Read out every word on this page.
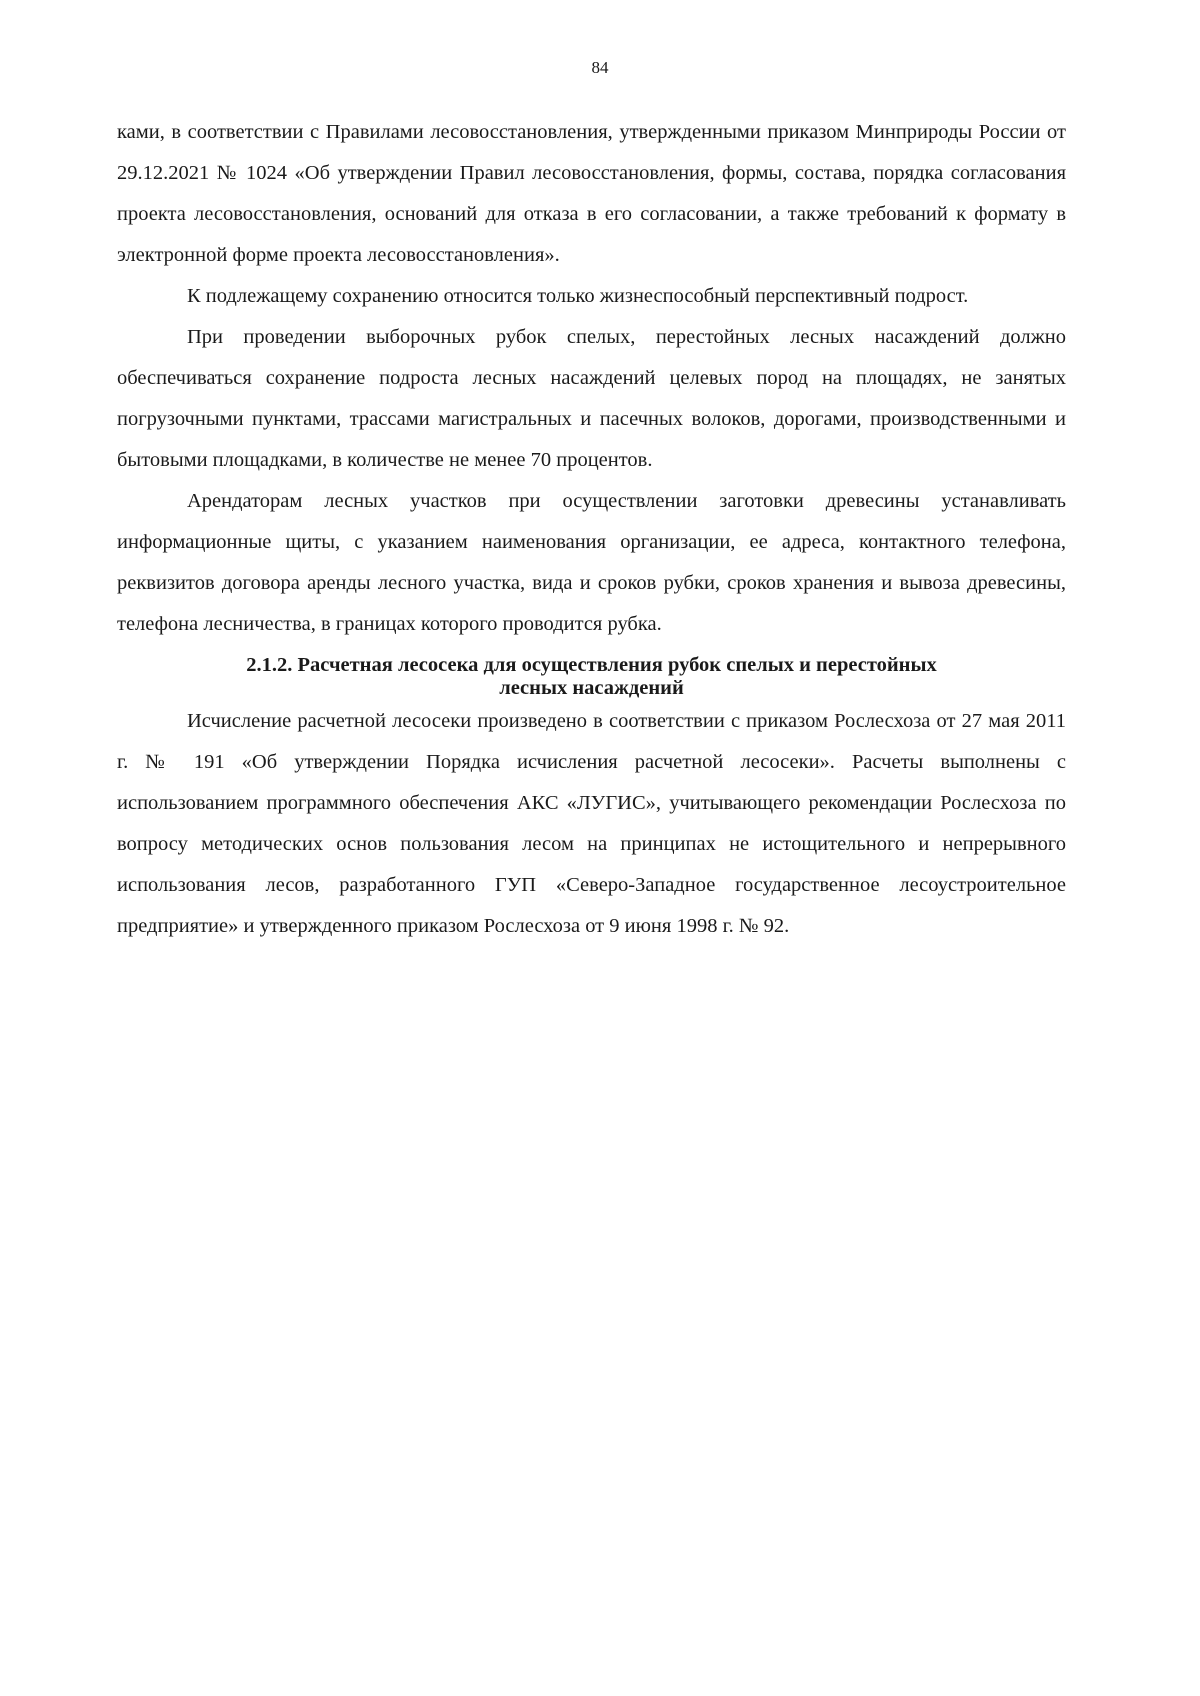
84

ками, в соответствии с Правилами лесовосстановления, утвержденными приказом Минприроды России от 29.12.2021 № 1024 «Об утверждении Правил лесовосстановления, формы, состава, порядка согласования проекта лесовосстановления, оснований для отказа в его согласовании, а также требований к формату в электронной форме проекта лесовосстановления».

К подлежащему сохранению относится только жизнеспособный перспективный подрост.

При проведении выборочных рубок спелых, перестойных лесных насаждений должно обеспечиваться сохранение подроста лесных насаждений целевых пород на площадях, не занятых погрузочными пунктами, трассами магистральных и пасечных волоков, дорогами, производственными и бытовыми площадками, в количестве не менее 70 процентов.

Арендаторам лесных участков при осуществлении заготовки древесины устанавливать информационные щиты, с указанием наименования организации, ее адреса, контактного телефона, реквизитов договора аренды лесного участка, вида и сроков рубки, сроков хранения и вывоза древесины, телефона лесничества, в границах которого проводится рубка.

2.1.2. Расчетная лесосека для осуществления рубок спелых и перестойных
лесных насаждений

Исчисление расчетной лесосеки произведено в соответствии с приказом Рослесхоза от 27 мая 2011 г. № 191 «Об утверждении Порядка исчисления расчетной лесосеки». Расчеты выполнены с использованием программного обеспечения АКС «ЛУГИС», учитывающего рекомендации Рослесхоза по вопросу методических основ пользования лесом на принципах не истощительного и непрерывного использования лесов, разработанного ГУП «Северо-Западное государственное лесоустроительное предприятие» и утвержденного приказом Рослесхоза от 9 июня 1998 г. № 92.
